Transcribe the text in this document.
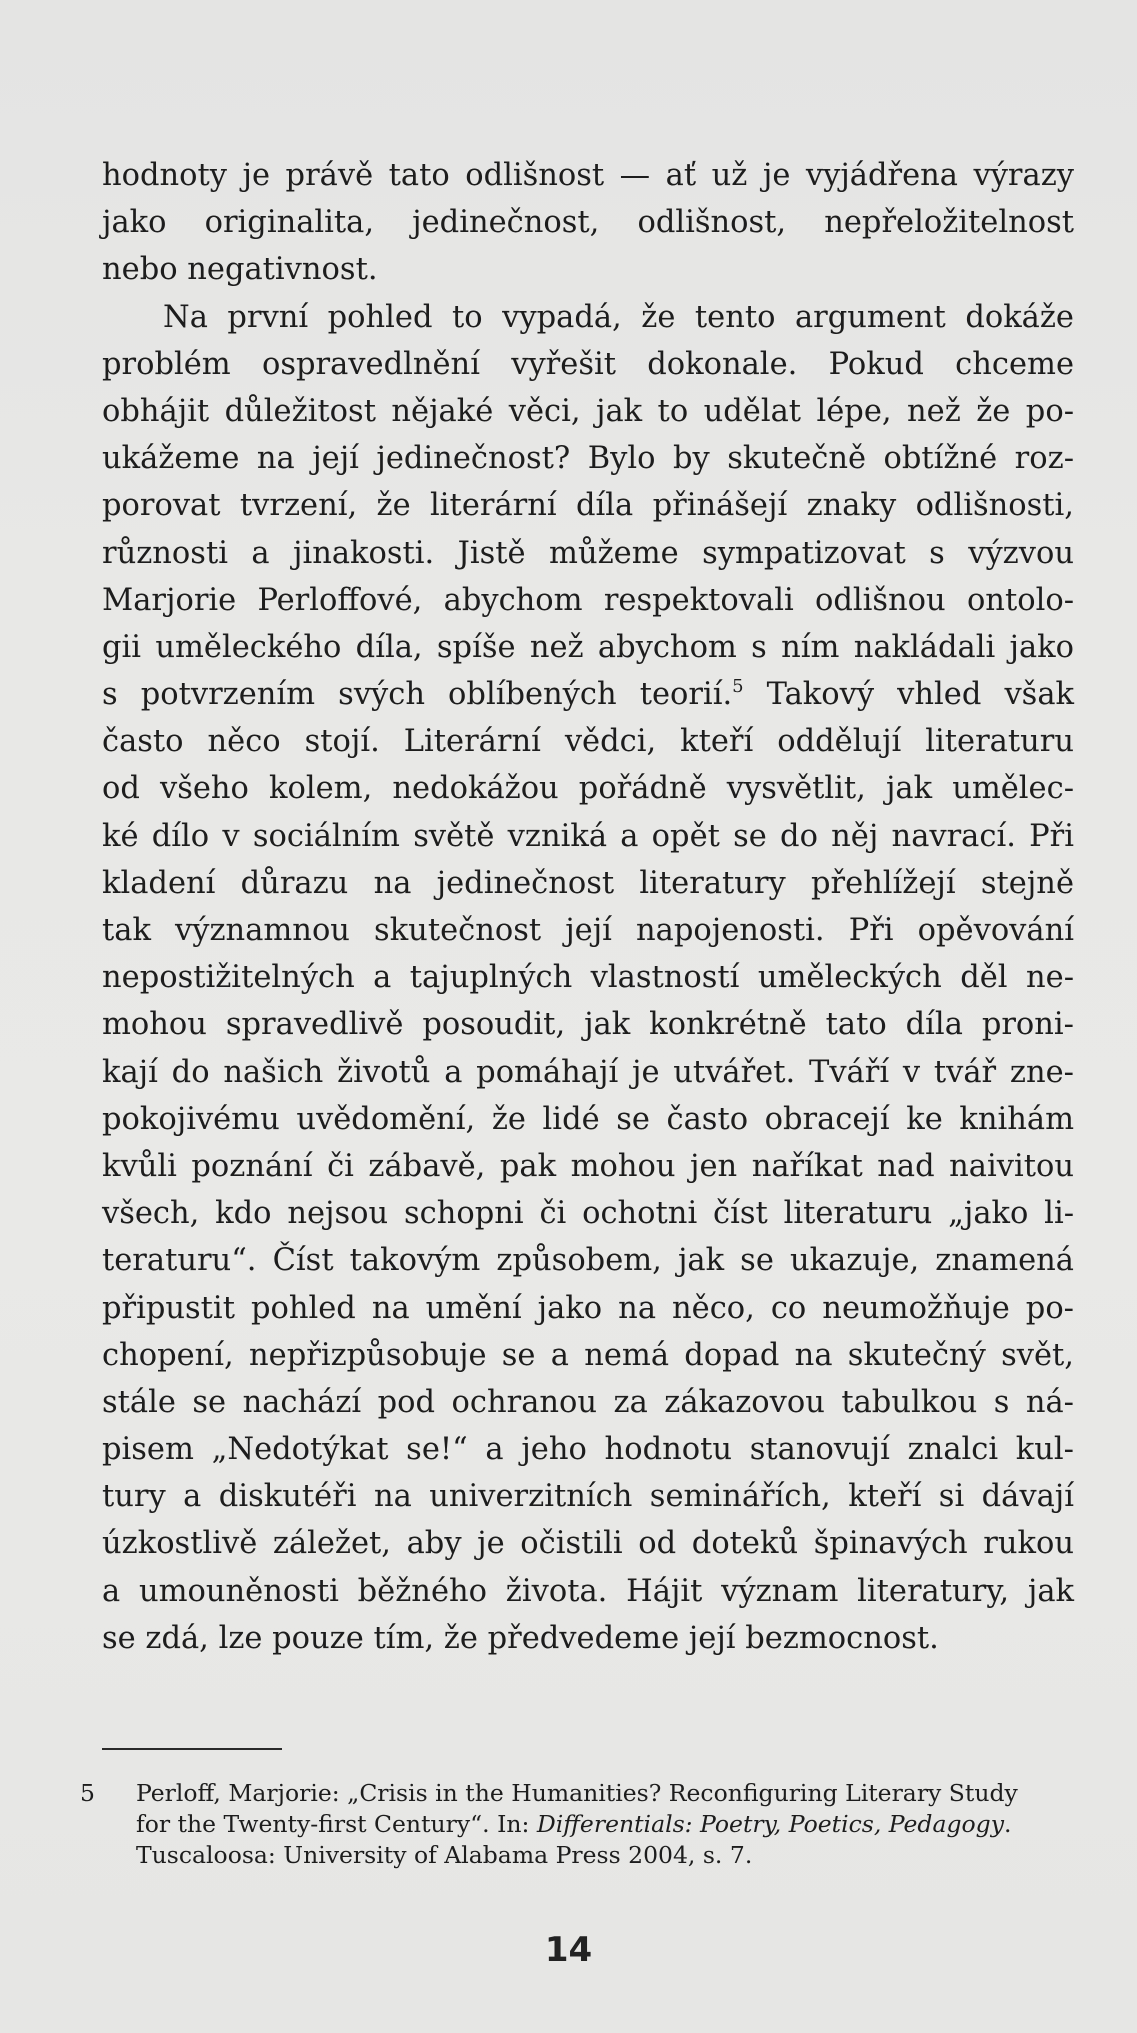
hodnoty je právě tato odlišnost — ať už je vyjádřena výrazy
jako originalita, jedinečnost, odlišnost, nepřeložitelnost
nebo negativnost.
Na první pohled to vypadá, že tento argument dokáže
problém ospravedlnění vyřešit dokonale. Pokud chceme
obhájit důležitost nějaké věci, jak to udělat lépe, než že po-
ukážeme na její jedinečnost? Bylo by skutečně obtížné roz-
porovat tvrzení, že literární díla přinášejí znaky odlišnosti,
různosti a jinakosti. Jistě můžeme sympatizovat s výzvou
Marjorie Perloffové, abychom respektovali odlišnou ontolo-
gii uměleckého díla, spíše než abychom s ním nakládali jako
s potvrzením svých oblíbených teorií.$^5$ Takový vhled však
často něco stojí. Literární vědci, kteří oddělují literaturu
od všeho kolem, nedokážou pořádně vysvětlit, jak umělec-
ké dílo v sociálním světě vzniká a opět se do něj navrací. Při
kladení důrazu na jedinečnost literatury přehlížejí stejně
tak významnou skutečnost její napojenosti. Při opěvování
nepostižitelných a tajuplných vlastností uměleckých děl ne-
mohou spravedlivě posoudit, jak konkrétně tato díla proni-
kají do našich životů a pomáhají je utvářet. Tváří v tvář zne-
pokojivému uvědomění, že lidé se často obracejí ke knihám
kvůli poznání či zábavě, pak mohou jen naříkat nad naivitou
všech, kdo nejsou schopni či ochotni číst literaturu „jako li-
teraturu“. Číst takovým způsobem, jak se ukazuje, znamená
připustit pohled na umění jako na něco, co neumožňuje po-
chopení, nepřizpůsobuje se a nemá dopad na skutečný svět,
stále se nachází pod ochranou za zákazovou tabulkou s ná-
pisem „Nedotýkat se!“ a jeho hodnotu stanovují znalci kul-
tury a diskutéři na univerzitních seminářích, kteří si dávají
úzkostlivě záležet, aby je očistili od doteků špinavých rukou
a umouněnosti běžného života. Hájit význam literatury, jak
se zdá, lze pouze tím, že předvedeme její bezmocnost.
5 Perloff, Marjorie: „Crisis in the Humanities? Reconfiguring Literary Study
for the Twenty-first Century“. In: Differentials: Poetry, Poetics, Pedagogy.
Tuscaloosa: University of Alabama Press 2004, s. 7.
14
